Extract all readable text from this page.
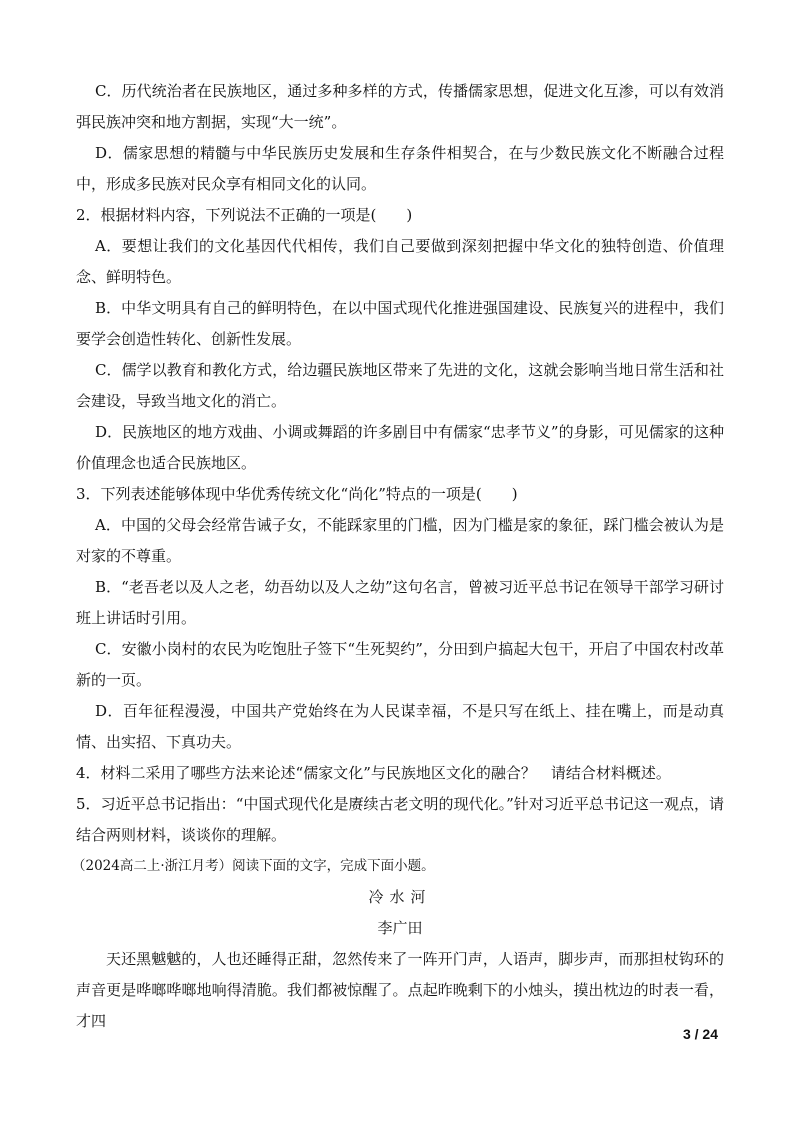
C．历代统治者在民族地区，通过多种多样的方式，传播儒家思想，促进文化互渗，可以有效消弭民族冲突和地方割据，实现“大一统”。

D．儒家思想的精髓与中华民族历史发展和生存条件相契合，在与少数民族文化不断融合过程中，形成多民族对民众享有相同文化的认同。

2．根据材料内容，下列说法不正确的一项是(　　)

A．要想让我们的文化基因代代相传，我们自己要做到深刻把握中华文化的独特创造、价值理念、鲜明特色。

B．中华文明具有自己的鲜明特色，在以中国式现代化推进强国建设、民族复兴的进程中，我们要学会创造性转化、创新性发展。

C．儒学以教育和教化方式，给边疆民族地区带来了先进的文化，这就会影响当地日常生活和社会建设，导致当地文化的消亡。

D．民族地区的地方戏曲、小调或舞蹈的许多剧目中有儒家“忠孝节义”的身影，可见儒家的这种价值理念也适合民族地区。

3．下列表述能够体现中华优秀传统文化“尚化”特点的一项是(　　)

A．中国的父母会经常告诫子女，不能踩家里的门槛，因为门槛是家的象征，踩门槛会被认为是对家的不尊重。

B．“老吾老以及人之老，幼吾幼以及人之幼”这句名言，曾被习近平总书记在领导干部学习研讨班上讲话时引用。

C．安徽小岗村的农民为吃饱肚子签下“生死契约”，分田到户搞起大包干，开启了中国农村改革新的一页。

D．百年征程漫漫，中国共产党始终在为人民谋幸福，不是只写在纸上、挂在嘴上，而是动真情、出实招、下真功夫。

4．材料二采用了哪些方法来论述“儒家文化”与民族地区文化的融合？　请结合材料概述。

5．习近平总书记指出：“中国式现代化是赓续古老文明的现代化。”针对习近平总书记这一观点，请结合两则材料，谈谈你的理解。

（2024高二上·浙江月考）阅读下面的文字，完成下面小题。

冷水河

李广田

天还黑魆魆的，人也还睡得正甜，忽然传来了一阵开门声，人语声，脚步声，而那担杖钩环的声音更是哗啷哗啷地响得清脆。我们都被惊醒了。点起昨晚剩下的小烛头，摸出枕边的时表一看，才四

3 / 24
